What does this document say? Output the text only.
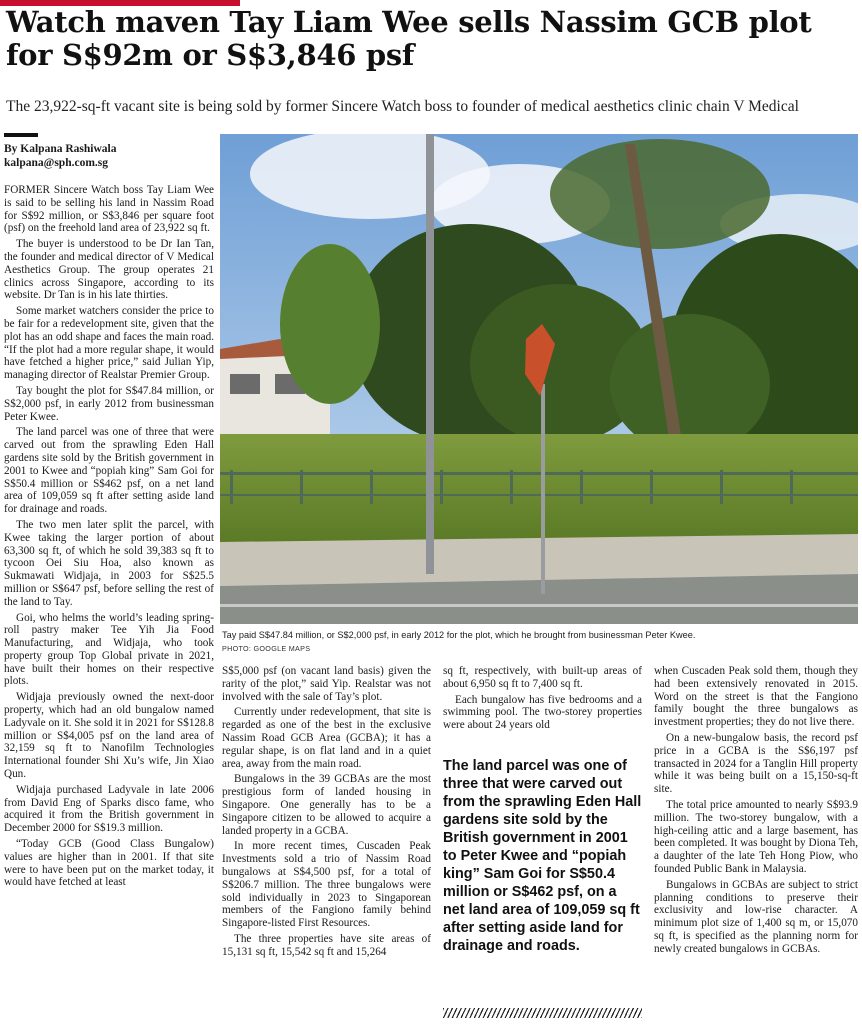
Watch maven Tay Liam Wee sells Nassim GCB plot for S$92m or S$3,846 psf

The 23,922-sq-ft vacant site is being sold by former Sincere Watch boss to founder of medical aesthetics clinic chain V Medical

By Kalpana Rashiwala
kalpana@sph.com.sg

FORMER Sincere Watch boss Tay Liam Wee is said to be selling his land in Nassim Road for S$92 million, or S$3,846 per square foot (psf) on the freehold land area of 23,922 sq ft.

The buyer is understood to be Dr Ian Tan, the founder and medical director of V Medical Aesthetics Group. The group operates 21 clinics across Singapore, according to its website. Dr Tan is in his late thirties.

Some market watchers consider the price to be fair for a redevelopment site, given that the plot has an odd shape and faces the main road. “If the plot had a more regular shape, it would have fetched a higher price,” said Julian Yip, managing director of Realstar Premier Group.

Tay bought the plot for S$47.84 million, or S$2,000 psf, in early 2012 from businessman Peter Kwee.

The land parcel was one of three that were carved out from the sprawling Eden Hall gardens site sold by the British government in 2001 to Kwee and “popiah king” Sam Goi for S$50.4 million or S$462 psf, on a net land area of 109,059 sq ft after setting aside land for drainage and roads.

The two men later split the parcel, with Kwee taking the larger portion of about 63,300 sq ft, of which he sold 39,383 sq ft to tycoon Oei Siu Hoa, also known as Sukmawati Widjaja, in 2003 for S$25.5 million or S$647 psf, before selling the rest of the land to Tay.

Goi, who helms the world’s leading spring-roll pastry maker Tee Yih Jia Food Manufacturing, and Widjaja, who took property group Top Global private in 2021, have built their homes on their respective plots.

Widjaja previously owned the next-door property, which had an old bungalow named Ladyvale on it. She sold it in 2021 for S$128.8 million or S$4,005 psf on the land area of 32,159 sq ft to Nanofilm Technologies International founder Shi Xu’s wife, Jin Xiao Qun.

Widjaja purchased Ladyvale in late 2006 from David Eng of Sparks disco fame, who acquired it from the British government in December 2000 for S$19.3 million.

“Today GCB (Good Class Bungalow) values are higher than in 2001. If that site were to have been put on the market today, it would have fetched at least

Tay paid S$47.84 million, or S$2,000 psf, in early 2012 for the plot, which he brought from businessman Peter Kwee.
PHOTO: GOOGLE MAPS

S$5,000 psf (on vacant land basis) given the rarity of the plot,” said Yip. Realstar was not involved with the sale of Tay’s plot.

Currently under redevelopment, that site is regarded as one of the best in the exclusive Nassim Road GCB Area (GCBA); it has a regular shape, is on flat land and in a quiet area, away from the main road.

Bungalows in the 39 GCBAs are the most prestigious form of landed housing in Singapore. One generally has to be a Singapore citizen to be allowed to acquire a landed property in a GCBA.

In more recent times, Cuscaden Peak Investments sold a trio of Nassim Road bungalows at S$4,500 psf, for a total of S$206.7 million. The three bungalows were sold individually in 2023 to Singaporean members of the Fangiono family behind Singapore-listed First Resources.

The three properties have site areas of 15,131 sq ft, 15,542 sq ft and 15,264

sq ft, respectively, with built-up areas of about 6,950 sq ft to 7,400 sq ft.

Each bungalow has five bedrooms and a swimming pool. The two-storey properties were about 24 years old

The land parcel was one of three that were carved out from the sprawling Eden Hall gardens site sold by the British government in 2001 to Peter Kwee and “popiah king” Sam Goi for S$50.4 million or S$462 psf, on a net land area of 109,059 sq ft after setting aside land for drainage and roads.

when Cuscaden Peak sold them, though they had been extensively renovated in 2015. Word on the street is that the Fangiono family bought the three bungalows as investment properties; they do not live there.

On a new-bungalow basis, the record psf price in a GCBA is the S$6,197 psf transacted in 2024 for a Tanglin Hill property while it was being built on a 15,150-sq-ft site.

The total price amounted to nearly S$93.9 million. The two-storey bungalow, with a high-ceiling attic and a large basement, has been completed. It was bought by Diona Teh, a daughter of the late Teh Hong Piow, who founded Public Bank in Malaysia.

Bungalows in GCBAs are subject to strict planning conditions to preserve their exclusivity and low-rise character. A minimum plot size of 1,400 sq m, or 15,070 sq ft, is specified as the planning norm for newly created bungalows in GCBAs.
